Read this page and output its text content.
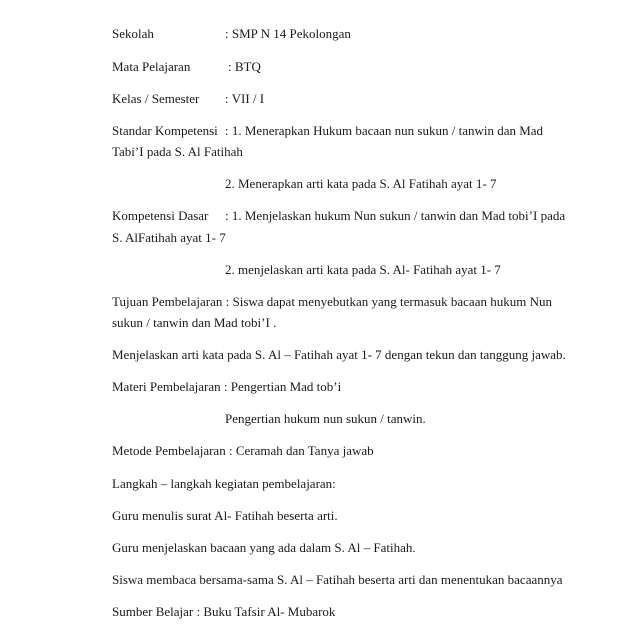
Sekolah	: SMP N 14 Pekolongan
Mata Pelajaran	: BTQ
Kelas / Semester : VII / I
Standar Kompetensi : 1. Menerapkan Hukum bacaan nun sukun / tanwin dan Mad
Tabi’I pada S. Al Fatihah
2. Menerapkan arti kata pada S. Al Fatihah ayat 1- 7
Kompetensi Dasar : 1. Menjelaskan hukum Nun sukun / tanwin dan Mad tobi’I pada
S. AlFatihah ayat 1- 7
2. menjelaskan arti kata pada S. Al- Fatihah ayat 1- 7
Tujuan Pembelajaran : Siswa dapat menyebutkan yang termasuk bacaan hukum Nun
sukun / tanwin dan Mad tobi’I .
Menjelaskan arti kata pada S. Al – Fatihah ayat 1- 7 dengan tekun dan tanggung jawab.
Materi Pembelajaran : Pengertian Mad tob’i
Pengertian hukum nun sukun / tanwin.
Metode Pembelajaran : Ceramah dan Tanya jawab
Langkah – langkah kegiatan pembelajaran:
Guru menulis surat Al- Fatihah beserta arti.
Guru menjelaskan bacaan yang ada dalam S. Al – Fatihah.
Siswa membaca bersama-sama S. Al – Fatihah beserta arti dan menentukan bacaannya
Sumber Belajar : Buku Tafsir Al- Mubarok
